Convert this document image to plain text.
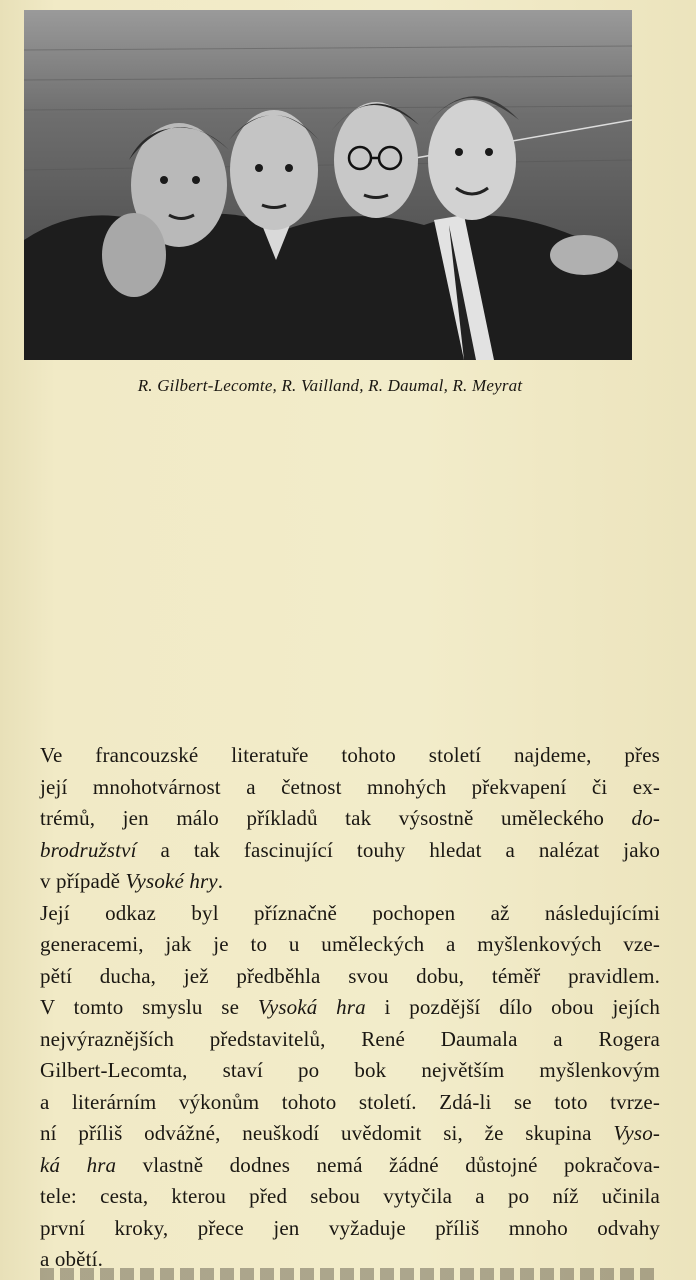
R. Gilbert-Lecomte, R. Vailland, R. Daumal, R. Meyrat

Ve francouzské literatuře tohoto století najdeme, přes
její mnohotvárnost a četnost mnohých překvapení či ex-
trémů, jen málo příkladů tak výsostně uměleckého do-
brodružství a tak fascinující touhy hledat a nalézat jako
v případě Vysoké hry.

Její odkaz byl příznačně pochopen až následujícími
generacemi, jak je to u uměleckých a myšlenkových vze-
pětí ducha, jež předběhla svou dobu, téměř pravidlem.
V tomto smyslu se Vysoká hra i pozdější dílo obou jejích
nejvýraznějších představitelů, René Daumala a Rogera
Gilbert-Lecomta, staví po bok největším myšlenkovým
a literárním výkonům tohoto století. Zdá-li se toto tvrze-
ní příliš odvážné, neuškodí uvědomit si, že skupina Vyso-
ká hra vlastně dodnes nemá žádné důstojné pokračova-
tele: cesta, kterou před sebou vytyčila a po níž učinila
první kroky, přece jen vyžaduje příliš mnoho odvahy
a obětí.
